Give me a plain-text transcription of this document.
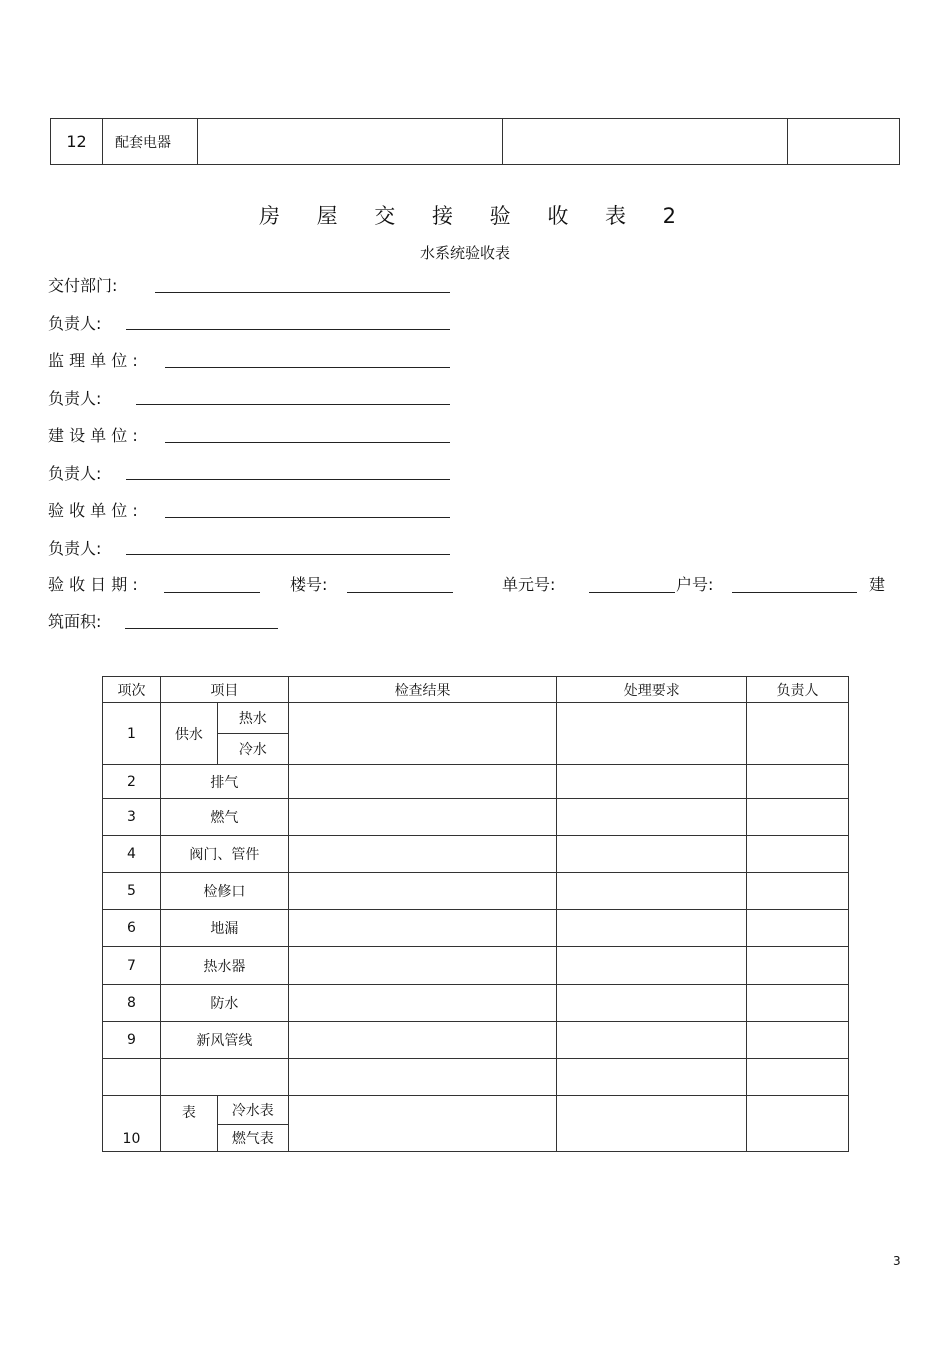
12	配套电器
房 屋 交 接 验 收 表 2
水系统验收表
交付部门:
负责人:
监 理 单 位 :
负责人:
建 设 单 位 :
负责人:
验 收 单 位 :
负责人:
验 收 日 期 :	楼号:	单元号:	户号:	建
筑面积:
项次	项目		检查结果	处理要求	负责人
1	供水	热水			
		冷水			
2	排气				
3	燃气				
4	阀门、管件				
5	检修口				
6	地漏				
7	热水器				
8	防水				
9	新风管线				

10	表	冷水表			
		燃气表			
3
